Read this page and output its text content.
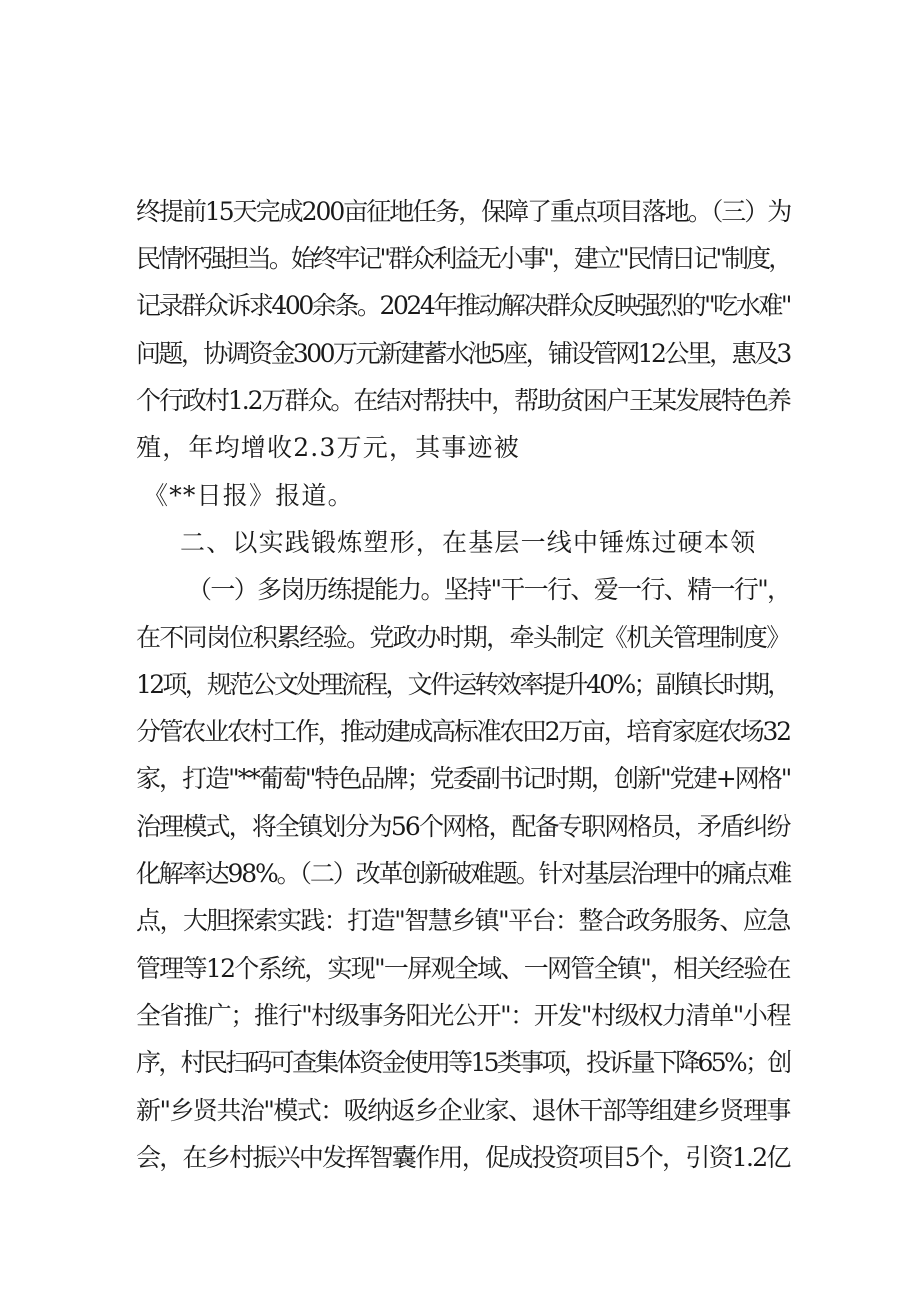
终提前15天完成200亩征地任务，保障了重点项目落地。（三）为
民情怀强担当。始终牢记"群众利益无小事"，建立"民情日记"制度，
记录群众诉求400余条。2024年推动解决群众反映强烈的"吃水难"
问题，协调资金300万元新建蓄水池5座，铺设管网12公里，惠及3
个行政村1.2万群众。在结对帮扶中，帮助贫困户王某发展特色养
殖，年均增收2.3万元，其事迹被
《**日报》报道。
二、以实践锻炼塑形，在基层一线中锤炼过硬本领
（一）多岗历练提能力。坚持"干一行、爱一行、精一行"，
在不同岗位积累经验。党政办时期，牵头制定《机关管理制度》
12项，规范公文处理流程，文件运转效率提升40%；副镇长时期，
分管农业农村工作，推动建成高标准农田2万亩，培育家庭农场32
家，打造"**葡萄"特色品牌；党委副书记时期，创新"党建+网格"
治理模式，将全镇划分为56个网格，配备专职网格员，矛盾纠纷
化解率达98%。（二）改革创新破难题。针对基层治理中的痛点难
点，大胆探索实践：打造"智慧乡镇"平台：整合政务服务、应急
管理等12个系统，实现"一屏观全域、一网管全镇"，相关经验在
全省推广；推行"村级事务阳光公开"：开发"村级权力清单"小程
序，村民扫码可查集体资金使用等15类事项，投诉量下降65%；创
新"乡贤共治"模式：吸纳返乡企业家、退休干部等组建乡贤理事
会，在乡村振兴中发挥智囊作用，促成投资项目5个，引资1.2亿
